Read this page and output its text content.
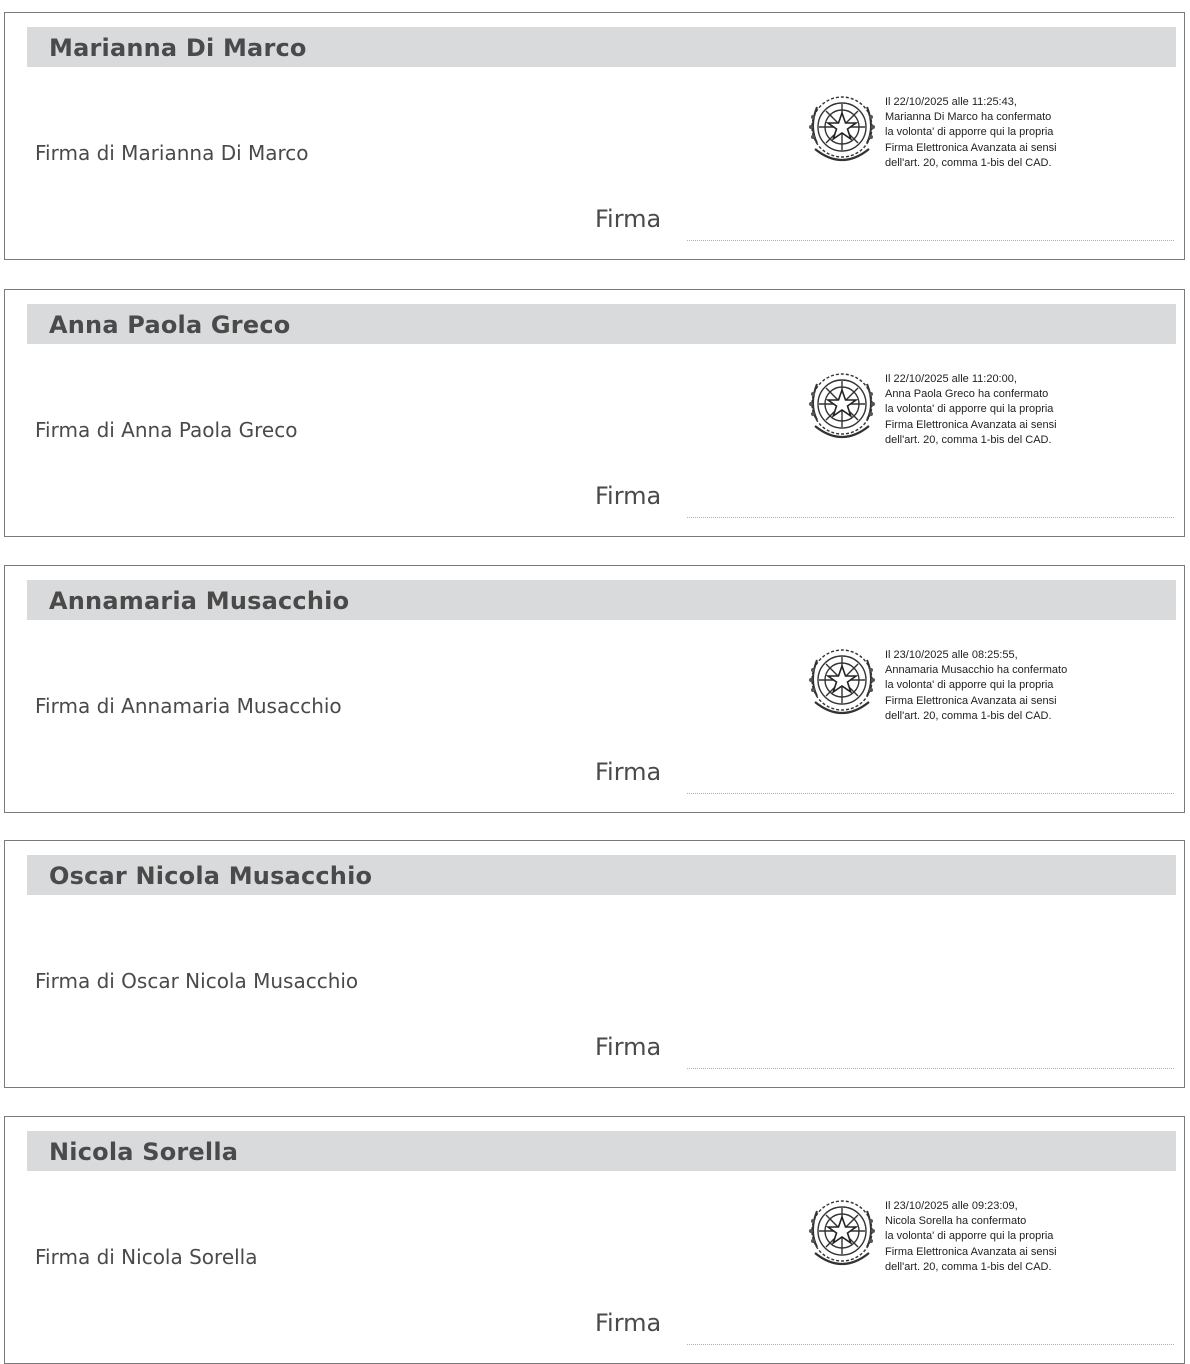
Marianna Di Marco
Firma di Marianna Di Marco
Il 22/10/2025 alle 11:25:43,
Marianna Di Marco ha confermato
la volonta' di apporre qui la propria
Firma Elettronica Avanzata ai sensi
dell'art. 20, comma 1-bis del CAD.
Firma
Anna Paola Greco
Firma di Anna Paola Greco
Il 22/10/2025 alle 11:20:00,
Anna Paola Greco ha confermato
la volonta' di apporre qui la propria
Firma Elettronica Avanzata ai sensi
dell'art. 20, comma 1-bis del CAD.
Firma
Annamaria Musacchio
Firma di Annamaria Musacchio
Il 23/10/2025 alle 08:25:55,
Annamaria Musacchio ha confermato
la volonta' di apporre qui la propria
Firma Elettronica Avanzata ai sensi
dell'art. 20, comma 1-bis del CAD.
Firma
Oscar Nicola Musacchio
Firma di Oscar Nicola Musacchio
Firma
Nicola Sorella
Firma di Nicola Sorella
Il 23/10/2025 alle 09:23:09,
Nicola Sorella ha confermato
la volonta' di apporre qui la propria
Firma Elettronica Avanzata ai sensi
dell'art. 20, comma 1-bis del CAD.
Firma
